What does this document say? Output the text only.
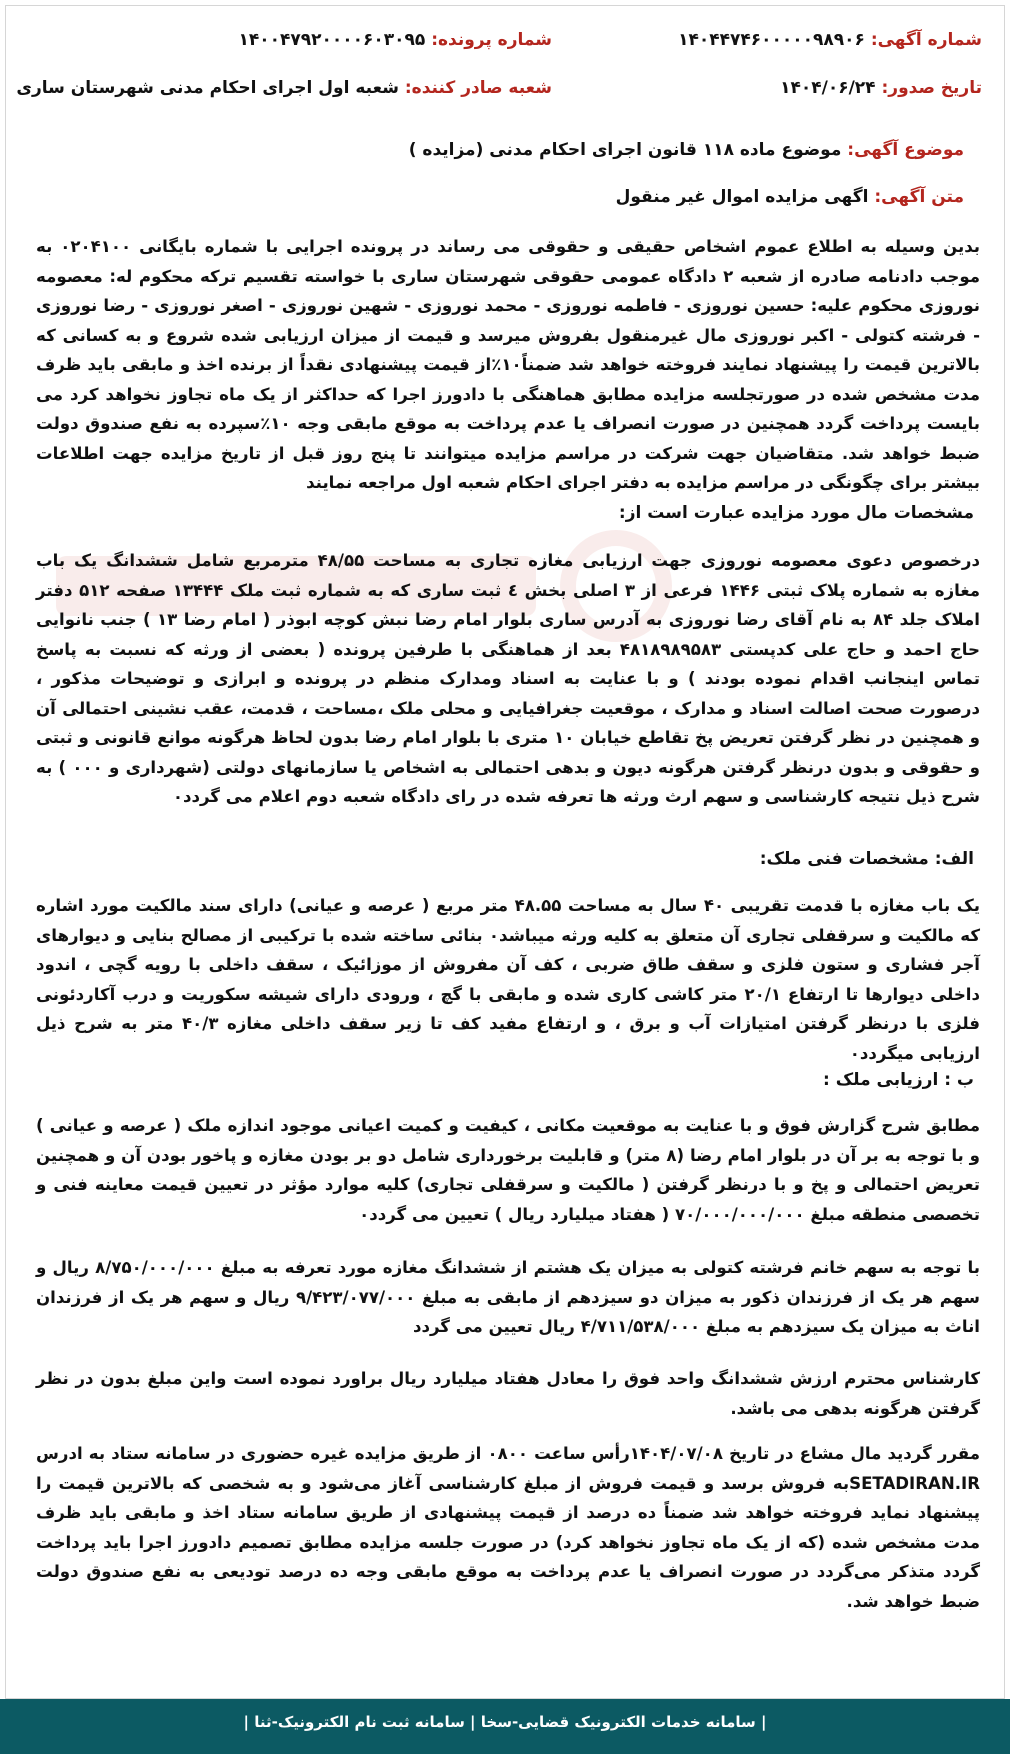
شماره آگهی: ۱۴۰۴۴۷۴۶۰۰۰۰۰۹۸۹۰۶
شماره پرونده: ۱۴۰۰۴۷۹۲۰۰۰۰۶۰۳۰۹۵
تاریخ صدور: ۱۴۰۴/۰۶/۲۴
شعبه صادر کننده: شعبه اول اجرای احکام مدنی شهرستان ساری
موضوع آگهی: موضوع ماده ۱۱۸ قانون اجرای احکام مدنی (مزایده )
متن آگهی: اگهی مزایده اموال غیر منقول
بدین وسیله به اطلاع عموم اشخاص حقیقی و حقوقی می رساند در پرونده اجرایی با شماره بایگانی ۰۲۰۴۱۰۰ به موجب دادنامه صادره از شعبه ۲ دادگاه عمومی حقوقی شهرستان ساری با خواسته تقسیم ترکه محکوم له: معصومه نوروزی محکوم علیه: حسین نوروزی - فاطمه نوروزی - محمد نوروزی - شهین نوروزی - اصغر نوروزی - رضا نوروزی - فرشته کتولی - اکبر نوروزی مال غیرمنقول بفروش میرسد و قیمت از میزان ارزیابی شده شروع و به کسانی که بالاترین قیمت را پیشنهاد نمایند فروخته خواهد شد ضمناً۱۰٪از قیمت پیشنهادی نقداً از برنده اخذ و مابقی باید ظرف مدت مشخص شده در صورتجلسه مزایده مطابق هماهنگی با دادورز اجرا که حداکثر از یک ماه تجاوز نخواهد کرد می بایست پرداخت گردد همچنین در صورت انصراف یا عدم پرداخت به موقع مابقی وجه ۱۰٪سپرده به نفع صندوق دولت ضبط خواهد شد. متقاضیان جهت شرکت در مراسم مزایده میتوانند تا پنج روز قبل از تاریخ مزایده جهت اطلاعات بیشتر برای چگونگی در مراسم مزایده به دفتر اجرای احکام شعبه اول مراجعه نمایند
مشخصات مال مورد مزایده عبارت است از:
درخصوص دعوی معصومه نوروزی جهت ارزیابی مغازه تجاری به مساحت ۴۸/۵۵ مترمربع شامل ششدانگ یک باب مغازه به شماره پلاک ثبتی ۱۴۴۶ فرعی از ۳ اصلی بخش ٤ ثبت ساری که به شماره ثبت ملک ۱۳۴۴۴ صفحه ۵۱۲ دفتر املاک جلد ۸۴ به نام آقای رضا نوروزی به آدرس ساری بلوار امام رضا نبش کوچه ابوذر ( امام رضا ۱۳ ) جنب نانوایی حاج احمد و حاج علی کدپستی ۴۸۱۸۹۸۹۵۸۳ بعد از هماهنگی با طرفین پرونده ( بعضی از ورثه که نسبت به پاسخ تماس اینجانب اقدام نموده بودند ) و با عنایت به اسناد ومدارک منظم در پرونده و ابرازی و توضیحات مذکور ، درصورت صحت اصالت اسناد و مدارک ، موقعیت جغرافیایی و محلی ملک ،مساحت ، قدمت، عقب نشینی احتمالی آن و همچنین در نظر گرفتن تعریض پخ تقاطع خیابان ۱۰ متری با بلوار امام رضا بدون لحاظ هرگونه موانع قانونی و ثبتی و حقوقی و بدون درنظر گرفتن هرگونه دیون و بدهی احتمالی به اشخاص یا سازمانهای دولتی (شهرداری و ۰۰۰ ) به شرح ذیل نتیجه کارشناسی و سهم ارث ورثه ها تعرفه شده در رای دادگاه شعبه دوم اعلام می گردد۰
الف: مشخصات فنی ملک:
یک باب مغازه با قدمت تقریبی ۴۰ سال به مساحت ۴۸.۵۵ متر مربع ( عرصه و عیانی) دارای سند مالکیت مورد اشاره که مالکیت و سرقفلی تجاری آن متعلق به کلیه ورثه میباشد۰ بنائی ساخته شده با ترکیبی از مصالح بنایی و دیوارهای آجر فشاری و ستون فلزی و سقف طاق ضربی ، کف آن مفروش از موزائیک ، سقف داخلی با رویه گچی ، اندود داخلی دیوارها تا ارتفاع ۲۰/۱ متر کاشی کاری شده و مابقی با گچ ، ورودی دارای شیشه سکوریت و درب آکاردئونی فلزی با درنظر گرفتن امتیازات آب و برق ، و ارتفاع مفید کف تا زیر سقف داخلی مغازه ۴۰/۳ متر به شرح ذیل ارزیابی میگردد۰
ب : ارزیابی ملک :
مطابق شرح گزارش فوق و با عنایت به موقعیت مکانی ، کیفیت و کمیت اعیانی موجود اندازه ملک ( عرصه و عیانی ) و با توجه به بر آن در بلوار امام رضا (۸ متر) و قابلیت برخورداری شامل دو بر بودن مغازه و پاخور بودن آن و همچنین تعریض احتمالی و پخ و با درنظر گرفتن ( مالکیت و سرقفلی تجاری) کلیه موارد مؤثر در تعیین قیمت معاینه فنی و تخصصی منطقه مبلغ ۷۰/۰۰۰/۰۰۰/۰۰۰ ( هفتاد میلیارد ریال ) تعیین می گردد۰
با توجه به سهم خانم فرشته کتولی به میزان یک هشتم از ششدانگ مغازه مورد تعرفه به مبلغ ۸/۷۵۰/۰۰۰/۰۰۰ ریال و سهم هر یک از فرزندان ذکور به میزان دو سیزدهم از مابقی به مبلغ ۹/۴۲۳/۰۷۷/۰۰۰ ریال و سهم هر یک از فرزندان اناث به میزان یک سیزدهم به مبلغ ۴/۷۱۱/۵۳۸/۰۰۰ ریال تعیین می گردد
کارشناس محترم ارزش ششدانگ واحد فوق را معادل هفتاد میلیارد ریال براورد نموده است واین مبلغ بدون در نظر گرفتن هرگونه بدهی می باشد.
مقرر گردید مال مشاع در تاریخ ۱۴۰۴/۰۷/۰۸رأس ساعت ۰۸۰۰ از طریق مزایده غیره حضوری در سامانه ستاد به ادرس SETADIRAN.IRبه فروش برسد و قیمت فروش از مبلغ کارشناسی آغاز می‌شود و به شخصی که بالاترین قیمت را پیشنهاد نماید فروخته خواهد شد ضمناً ده درصد از قیمت پیشنهادی از طریق سامانه ستاد اخذ و مابقی باید ظرف مدت مشخص شده (که از یک ماه تجاوز نخواهد کرد) در صورت جلسه مزایده مطابق تصمیم دادورز اجرا باید پرداخت گردد متذکر می‌گردد در صورت انصراف یا عدم پرداخت به موقع مابقی وجه ده درصد تودیعی به نفع صندوق دولت ضبط خواهد شد.
| سامانه خدمات الکترونیک قضایی-سخا | سامانه ثبت نام الکترونیک-ثنا |
